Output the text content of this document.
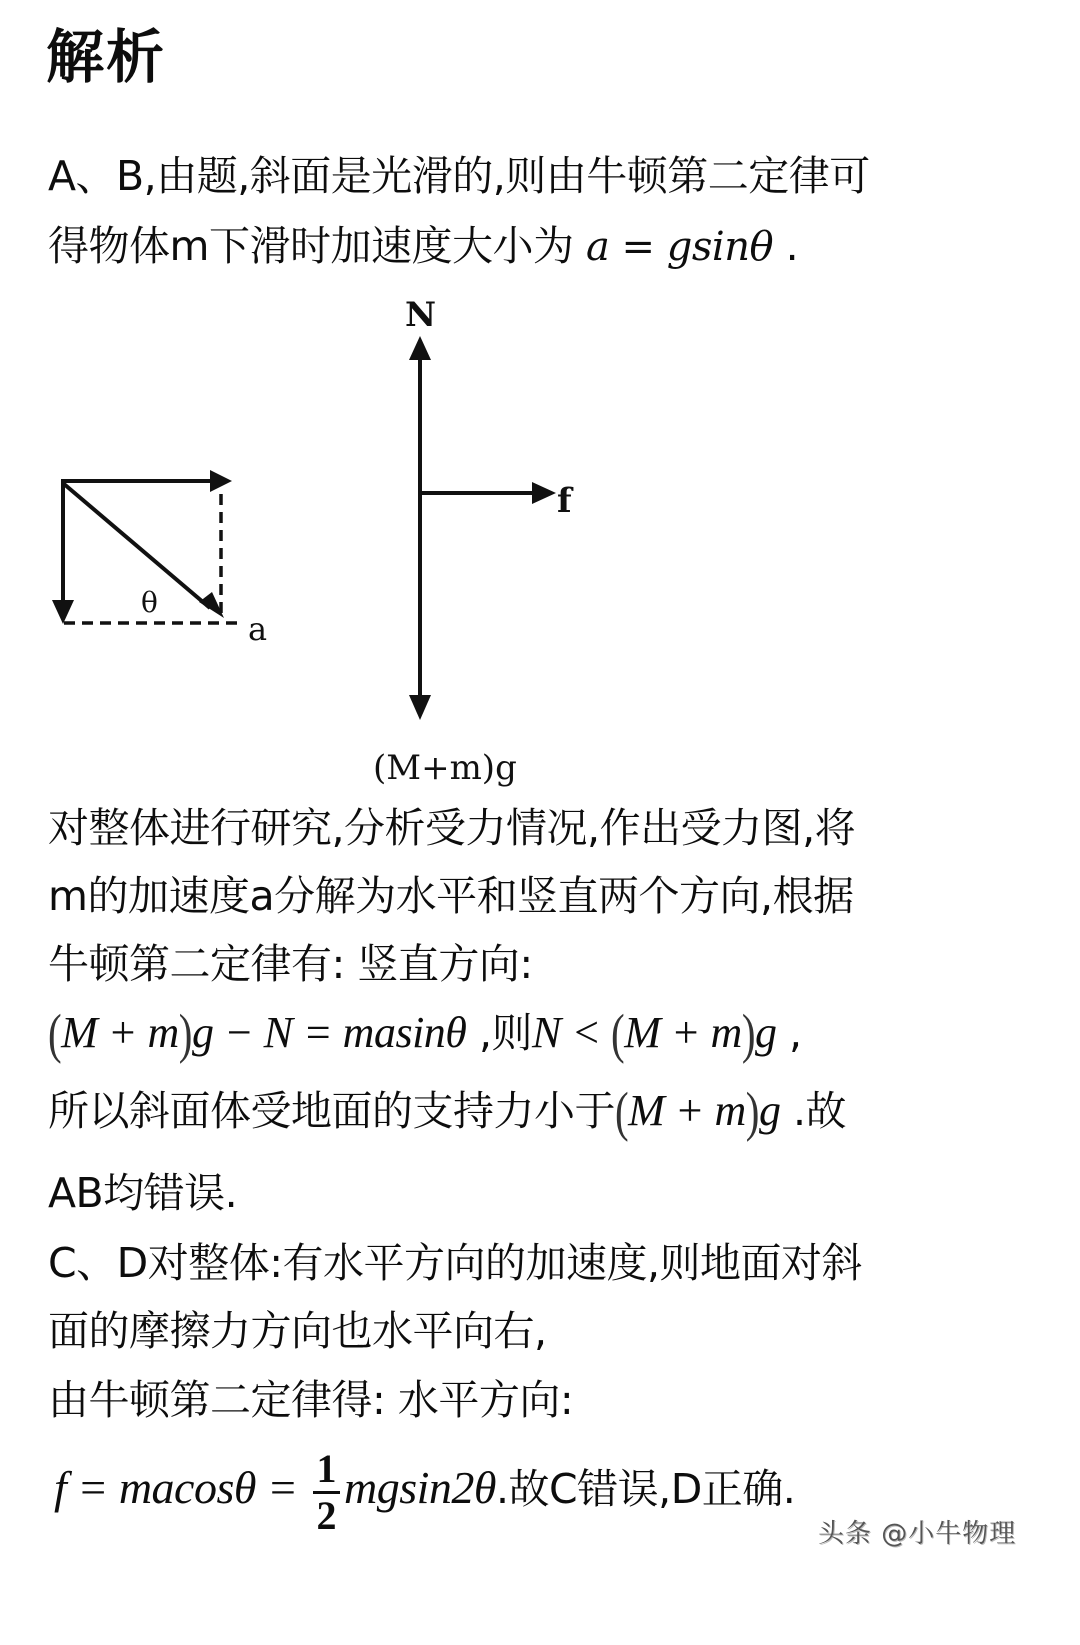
解析
A、B,由题,斜面是光滑的,则由牛顿第二定律可
得物体m下滑时加速度大小为 a = gsinθ .
θ
a
N
f
(M+m)g
对整体进行研究,分析受力情况,作出受力图,将
m的加速度a分解为水平和竖直两个方向,根据
牛顿第二定律有: 竖直方向:
(M + m)g − N = masinθ ,则N < (M + m)g ,
所以斜面体受地面的支持力小于(M + m)g .故
AB均错误.
C、D对整体:有水平方向的加速度,则地面对斜
面的摩擦力方向也水平向右,
由牛顿第二定律得: 水平方向:
$f = macos\theta = \frac{1}{2} mgsin2\theta$.故C错误,D正确.
头条 @小牛物理
